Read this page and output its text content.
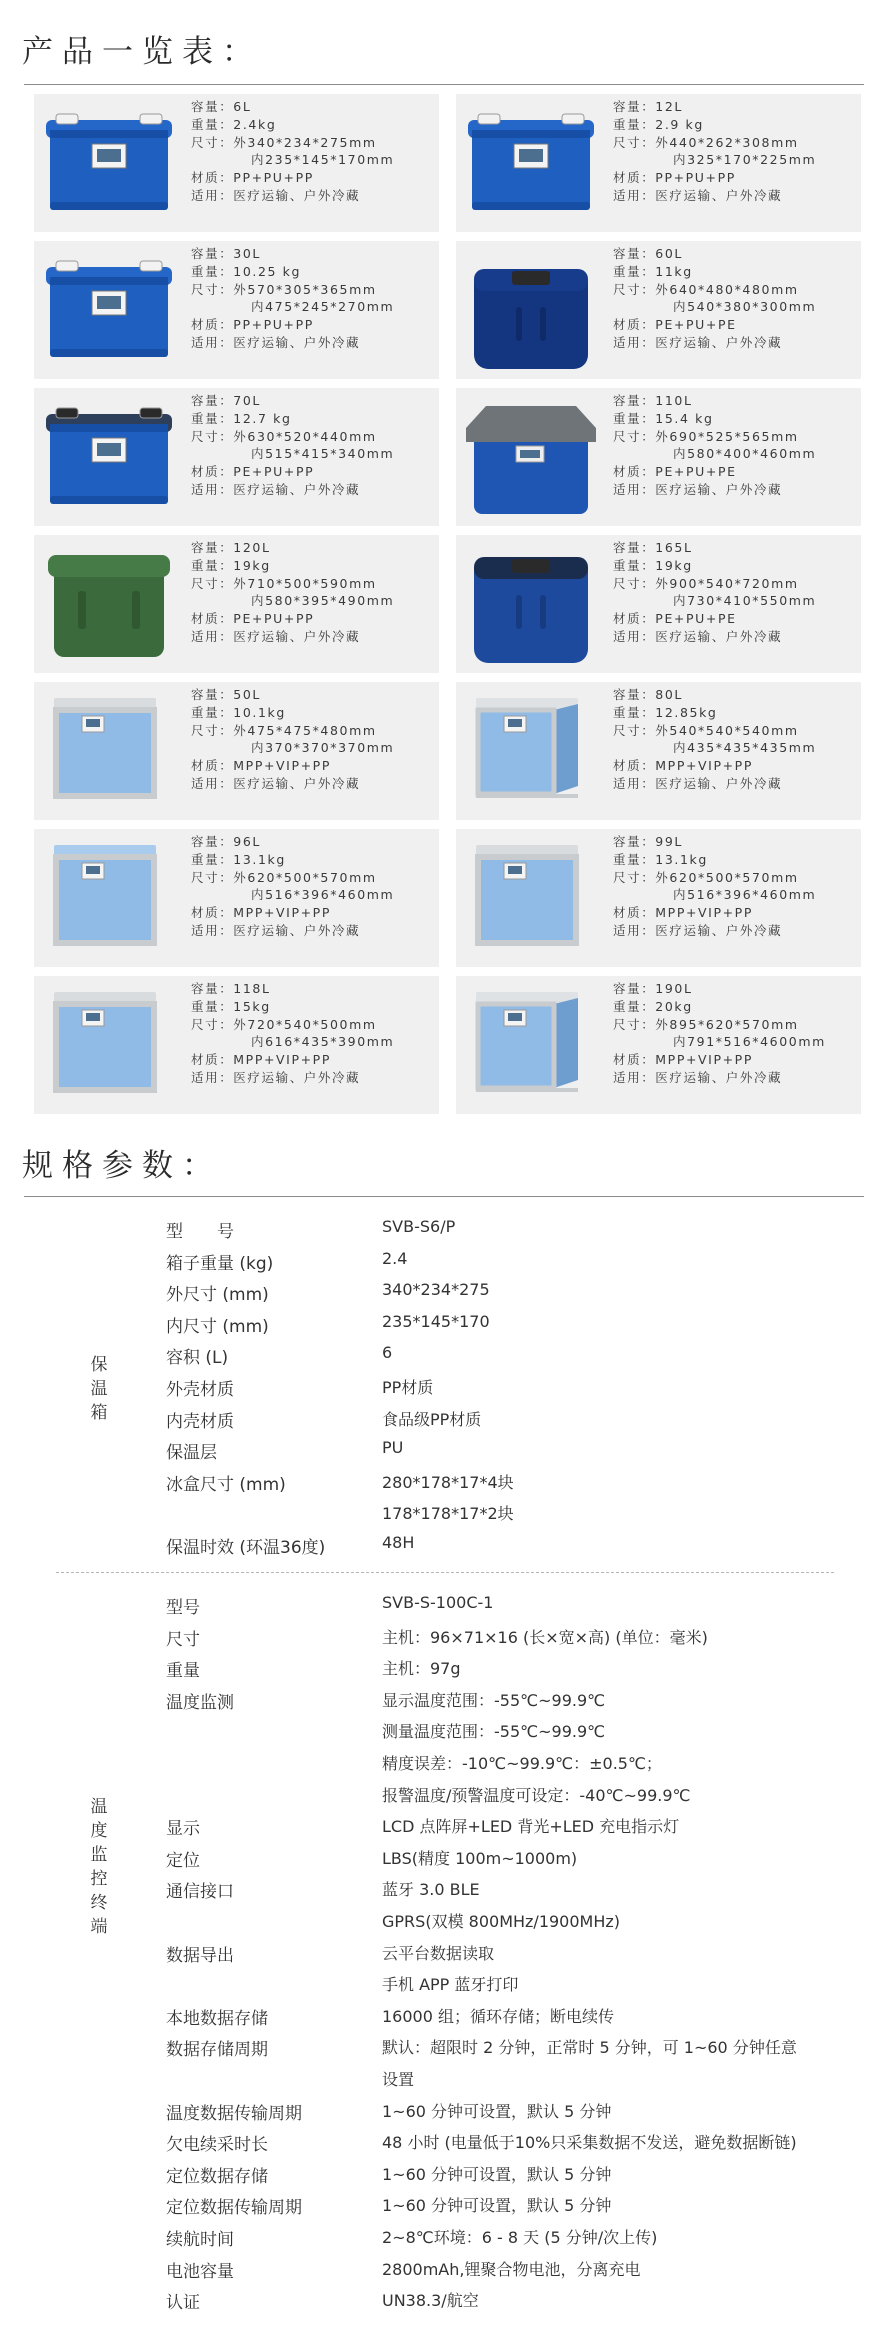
产品一览表：
容量：6L
重量：2.4kg
尺寸：外340*234*275mm
内235*145*170mm
材质：PP+PU+PP
适用：医疗运输、户外冷藏
容量：12L
重量：2.9 kg
尺寸：外440*262*308mm
内325*170*225mm
材质：PP+PU+PP
适用：医疗运输、户外冷藏
容量：30L
重量：10.25 kg
尺寸：外570*305*365mm
内475*245*270mm
材质：PP+PU+PP
适用：医疗运输、户外冷藏
容量：60L
重量：11kg
尺寸：外640*480*480mm
内540*380*300mm
材质：PE+PU+PE
适用：医疗运输、户外冷藏
容量：70L
重量：12.7 kg
尺寸：外630*520*440mm
内515*415*340mm
材质：PE+PU+PP
适用：医疗运输、户外冷藏
容量：110L
重量：15.4 kg
尺寸：外690*525*565mm
内580*400*460mm
材质：PE+PU+PE
适用：医疗运输、户外冷藏
容量：120L
重量：19kg
尺寸：外710*500*590mm
内580*395*490mm
材质：PE+PU+PP
适用：医疗运输、户外冷藏
容量：165L
重量：19kg
尺寸：外900*540*720mm
内730*410*550mm
材质：PE+PU+PE
适用：医疗运输、户外冷藏
容量：50L
重量：10.1kg
尺寸：外475*475*480mm
内370*370*370mm
材质：MPP+VIP+PP
适用：医疗运输、户外冷藏
容量：80L
重量：12.85kg
尺寸：外540*540*540mm
内435*435*435mm
材质：MPP+VIP+PP
适用：医疗运输、户外冷藏
容量：96L
重量：13.1kg
尺寸：外620*500*570mm
内516*396*460mm
材质：MPP+VIP+PP
适用：医疗运输、户外冷藏
容量：99L
重量：13.1kg
尺寸：外620*500*570mm
内516*396*460mm
材质：MPP+VIP+PP
适用：医疗运输、户外冷藏
容量：118L
重量：15kg
尺寸：外720*540*500mm
内616*435*390mm
材质：MPP+VIP+PP
适用：医疗运输、户外冷藏
容量：190L
重量：20kg
尺寸：外895*620*570mm
内791*516*4600mm
材质：MPP+VIP+PP
适用：医疗运输、户外冷藏
规格参数：
保
温
箱
型　　号	SVB-S6/P
箱子重量 (kg)	2.4
外尺寸 (mm)	340*234*275
内尺寸 (mm)	235*145*170
容积 (L)	6
外壳材质	PP材质
内壳材质	食品级PP材质
保温层	PU
冰盒尺寸 (mm)	280*178*17*4块
178*178*17*2块
保温时效 (环温36度)	48H
温
度
监
控
终
端
型号	SVB-S-100C-1
尺寸	主机：96×71×16 (长×宽×高) (单位：毫米)
重量	主机：97g
温度监测	显示温度范围：-55℃~99.9℃
测量温度范围：-55℃~99.9℃
精度误差：-10℃~99.9℃：±0.5℃；
报警温度/预警温度可设定：-40℃~99.9℃
显示	LCD 点阵屏+LED 背光+LED 充电指示灯
定位	LBS(精度 100m~1000m)
通信接口	蓝牙 3.0 BLE
GPRS(双模 800MHz/1900MHz)
数据导出	云平台数据读取
手机 APP 蓝牙打印
本地数据存储	16000 组；循环存储；断电续传
数据存储周期	默认：超限时 2 分钟，正常时 5 分钟，可 1~60 分钟任意
设置
温度数据传输周期	1~60 分钟可设置，默认 5 分钟
欠电续采时长	48 小时 (电量低于10%只采集数据不发送，避免数据断链)
定位数据存储	1~60 分钟可设置，默认 5 分钟
定位数据传输周期	1~60 分钟可设置，默认 5 分钟
续航时间	2~8℃环境：6 - 8 天 (5 分钟/次上传)
电池容量	2800mAh,锂聚合物电池，分离充电
认证	UN38.3/航空
